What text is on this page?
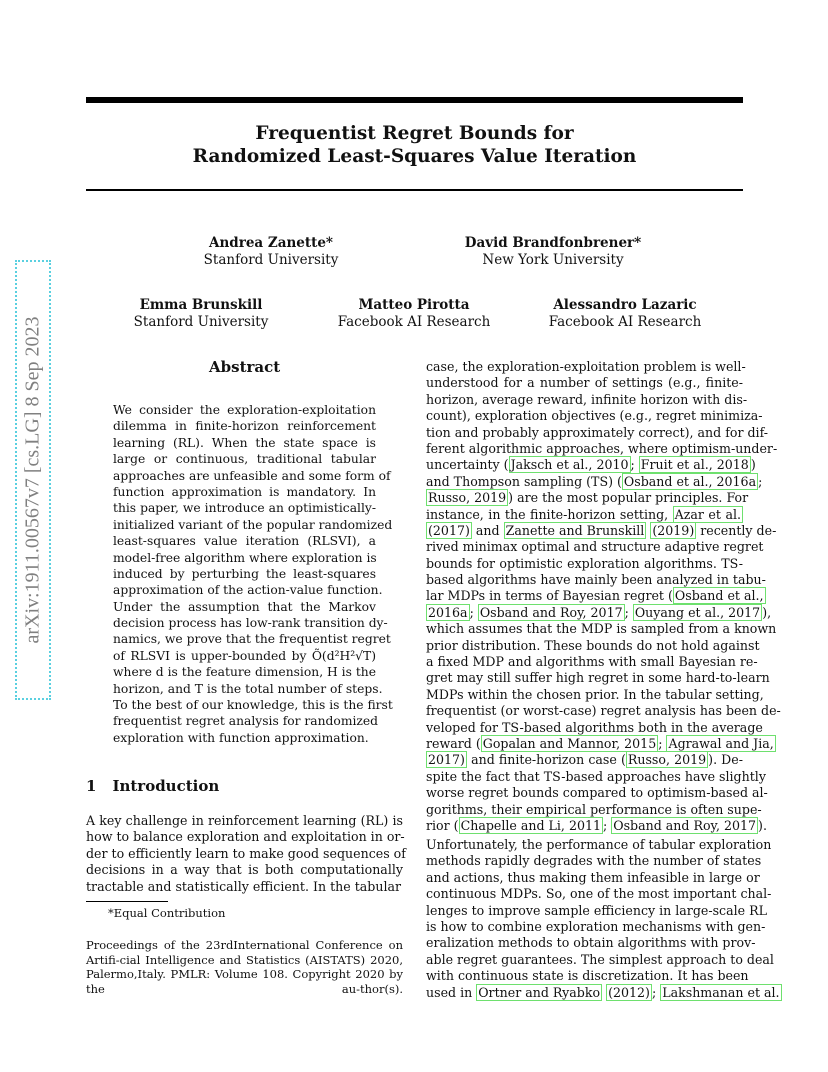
Frequentist Regret Bounds for
Randomized Least-Squares Value Iteration
arXiv:1911.00567v7 [cs.LG] 8 Sep 2023
Andrea Zanette*
Stanford University
David Brandfonbrener*
New York University
Emma Brunskill
Stanford University
Matteo Pirotta
Facebook AI Research
Alessandro Lazaric
Facebook AI Research
Abstract
We consider the exploration-exploitation
dilemma in finite-horizon reinforcement
learning (RL). When the state space is
large or continuous, traditional tabular
approaches are unfeasible and some form of
function approximation is mandatory. In
this paper, we introduce an optimistically-
initialized variant of the popular randomized
least-squares value iteration (RLSVI), a
model-free algorithm where exploration is
induced by perturbing the least-squares
approximation of the action-value function.
Under the assumption that the Markov
decision process has low-rank transition dy-
namics, we prove that the frequentist regret
of RLSVI is upper-bounded by Õ(d²H²√T)
where d is the feature dimension, H is the
horizon, and T is the total number of steps.
To the best of our knowledge, this is the first
frequentist regret analysis for randomized
exploration with function approximation.
1 Introduction
A key challenge in reinforcement learning (RL) is
how to balance exploration and exploitation in or-
der to efficiently learn to make good sequences of
decisions in a way that is both computationally
tractable and statistically efficient. In the tabular
*Equal Contribution
Proceedings of the 23rdInternational Conference on Artifi-cial Intelligence and Statistics (AISTATS) 2020, Palermo,Italy. PMLR: Volume 108. Copyright 2020 by the au-thor(s).
case, the exploration-exploitation problem is well-
understood for a number of settings (e.g., finite-
horizon, average reward, infinite horizon with dis-
count), exploration objectives (e.g., regret minimiza-
tion and probably approximately correct), and for dif-
ferent algorithmic approaches, where optimism-under-
uncertainty ( Jaksch et al., 2010 ; Fruit et al., 2018 )
and Thompson sampling (TS) ( Osband et al., 2016a ;
Russo, 2019 ) are the most popular principles. For
instance, in the finite-horizon setting, Azar et al.
(2017) and Zanette and Brunskill (2019) recently de-
rived minimax optimal and structure adaptive regret
bounds for optimistic exploration algorithms. TS-
based algorithms have mainly been analyzed in tabu-
lar MDPs in terms of Bayesian regret ( Osband et al.,
2016a ; Osband and Roy, 2017 ; Ouyang et al., 2017 ),
which assumes that the MDP is sampled from a known
prior distribution. These bounds do not hold against
a fixed MDP and algorithms with small Bayesian re-
gret may still suffer high regret in some hard-to-learn
MDPs within the chosen prior. In the tabular setting,
frequentist (or worst-case) regret analysis has been de-
veloped for TS-based algorithms both in the average
reward ( Gopalan and Mannor, 2015 ; Agrawal and Jia,
2017) and finite-horizon case ( Russo, 2019 ). De-
spite the fact that TS-based approaches have slightly
worse regret bounds compared to optimism-based al-
gorithms, their empirical performance is often supe-
rior ( Chapelle and Li, 2011 ; Osband and Roy, 2017 ).
Unfortunately, the performance of tabular exploration
methods rapidly degrades with the number of states
and actions, thus making them infeasible in large or
continuous MDPs. So, one of the most important chal-
lenges to improve sample efficiency in large-scale RL
is how to combine exploration mechanisms with gen-
eralization methods to obtain algorithms with prov-
able regret guarantees. The simplest approach to deal
with continuous state is discretization. It has been
used in Ortner and Ryabko (2012) ; Lakshmanan et al.
